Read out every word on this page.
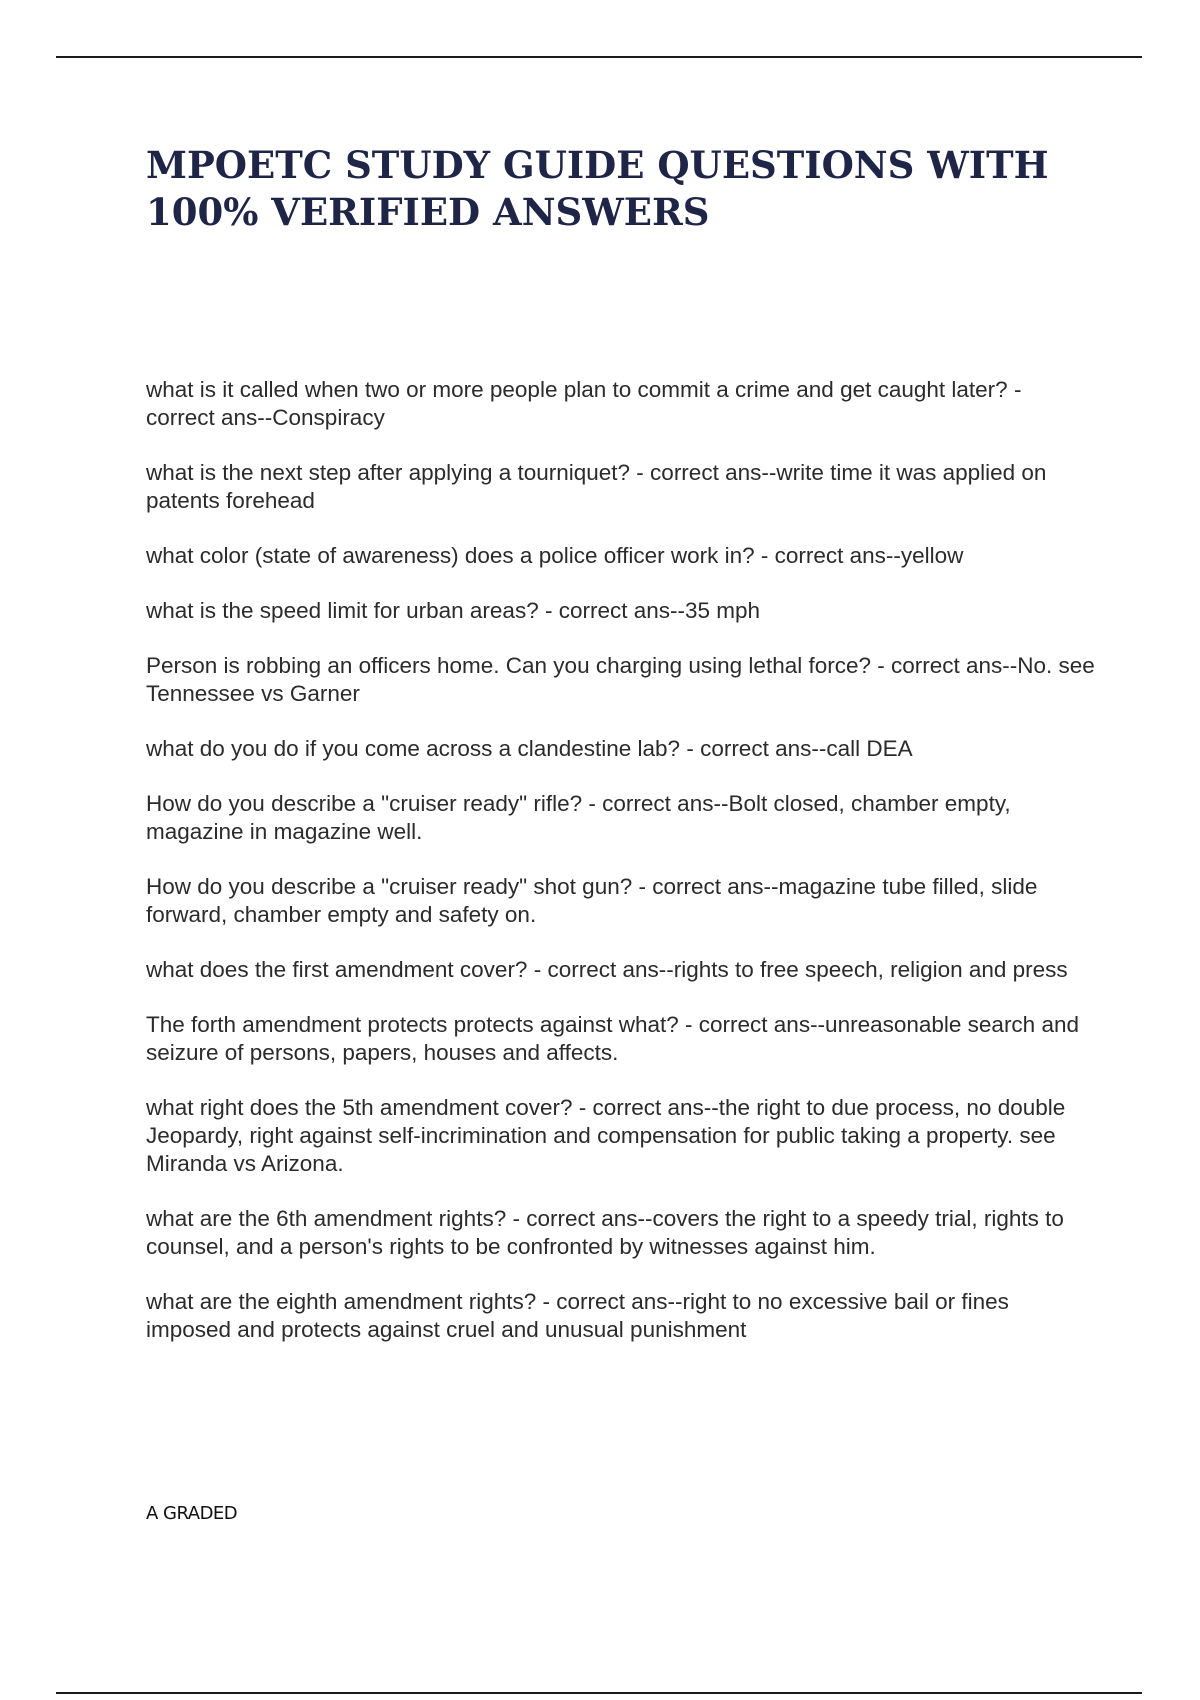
MPOETC STUDY GUIDE QUESTIONS WITH
100% VERIFIED ANSWERS
what is it called when two or more people plan to commit a crime and get caught later? - correct ans--Conspiracy
what is the next step after applying a tourniquet? - correct ans--write time it was applied on patents forehead
what color (state of awareness) does a police officer work in? - correct ans--yellow
what is the speed limit for urban areas? - correct ans--35 mph
Person is robbing an officers home. Can you charging using lethal force? - correct ans--No. see Tennessee vs Garner
what do you do if you come across a clandestine lab? - correct ans--call DEA
How do you describe a "cruiser ready" rifle? - correct ans--Bolt closed, chamber empty, magazine in magazine well.
How do you describe a "cruiser ready" shot gun? - correct ans--magazine tube filled, slide forward, chamber empty and safety on.
what does the first amendment cover? - correct ans--rights to free speech, religion and press
The forth amendment protects protects against what? - correct ans--unreasonable search and seizure of persons, papers, houses and affects.
what right does the 5th amendment cover? - correct ans--the right to due process, no double Jeopardy, right against self-incrimination and compensation for public taking a property. see Miranda vs Arizona.
what are the 6th amendment rights? - correct ans--covers the right to a speedy trial, rights to counsel, and a person's rights to be confronted by witnesses against him.
what are the eighth amendment rights? - correct ans--right to no excessive bail or fines imposed and protects against cruel and unusual punishment

A GRADED
